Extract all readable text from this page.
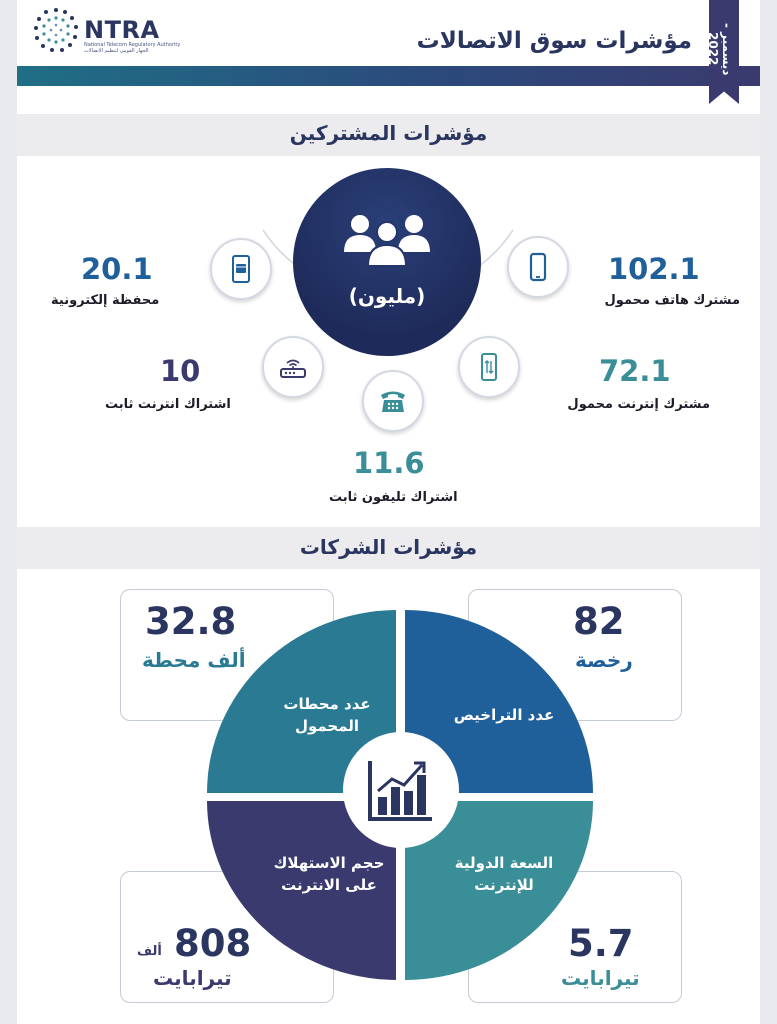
NTRA
National Telecom Regulatory Authority
الجهاز القومي لتنظيم الاتصالات	مؤشرات سوق الاتصالات	ديسمبر - 2022
مؤشرات المشتركين
(مليون)
102.1
مشترك هاتف محمول
72.1
مشترك إنترنت محمول
11.6
اشتراك تليفون ثابت
10
اشتراك انترنت ثابت
20.1
محفظة إلكترونية
مؤشرات الشركات
عدد التراخيص
عدد محطات
المحمول
السعة الدولية
للإنترنت
حجم الاستهلاك
على الانترنت
82
رخصة
32.8
ألف محطة
5.7
تيرابايت
808
ألف
تيرابايت
